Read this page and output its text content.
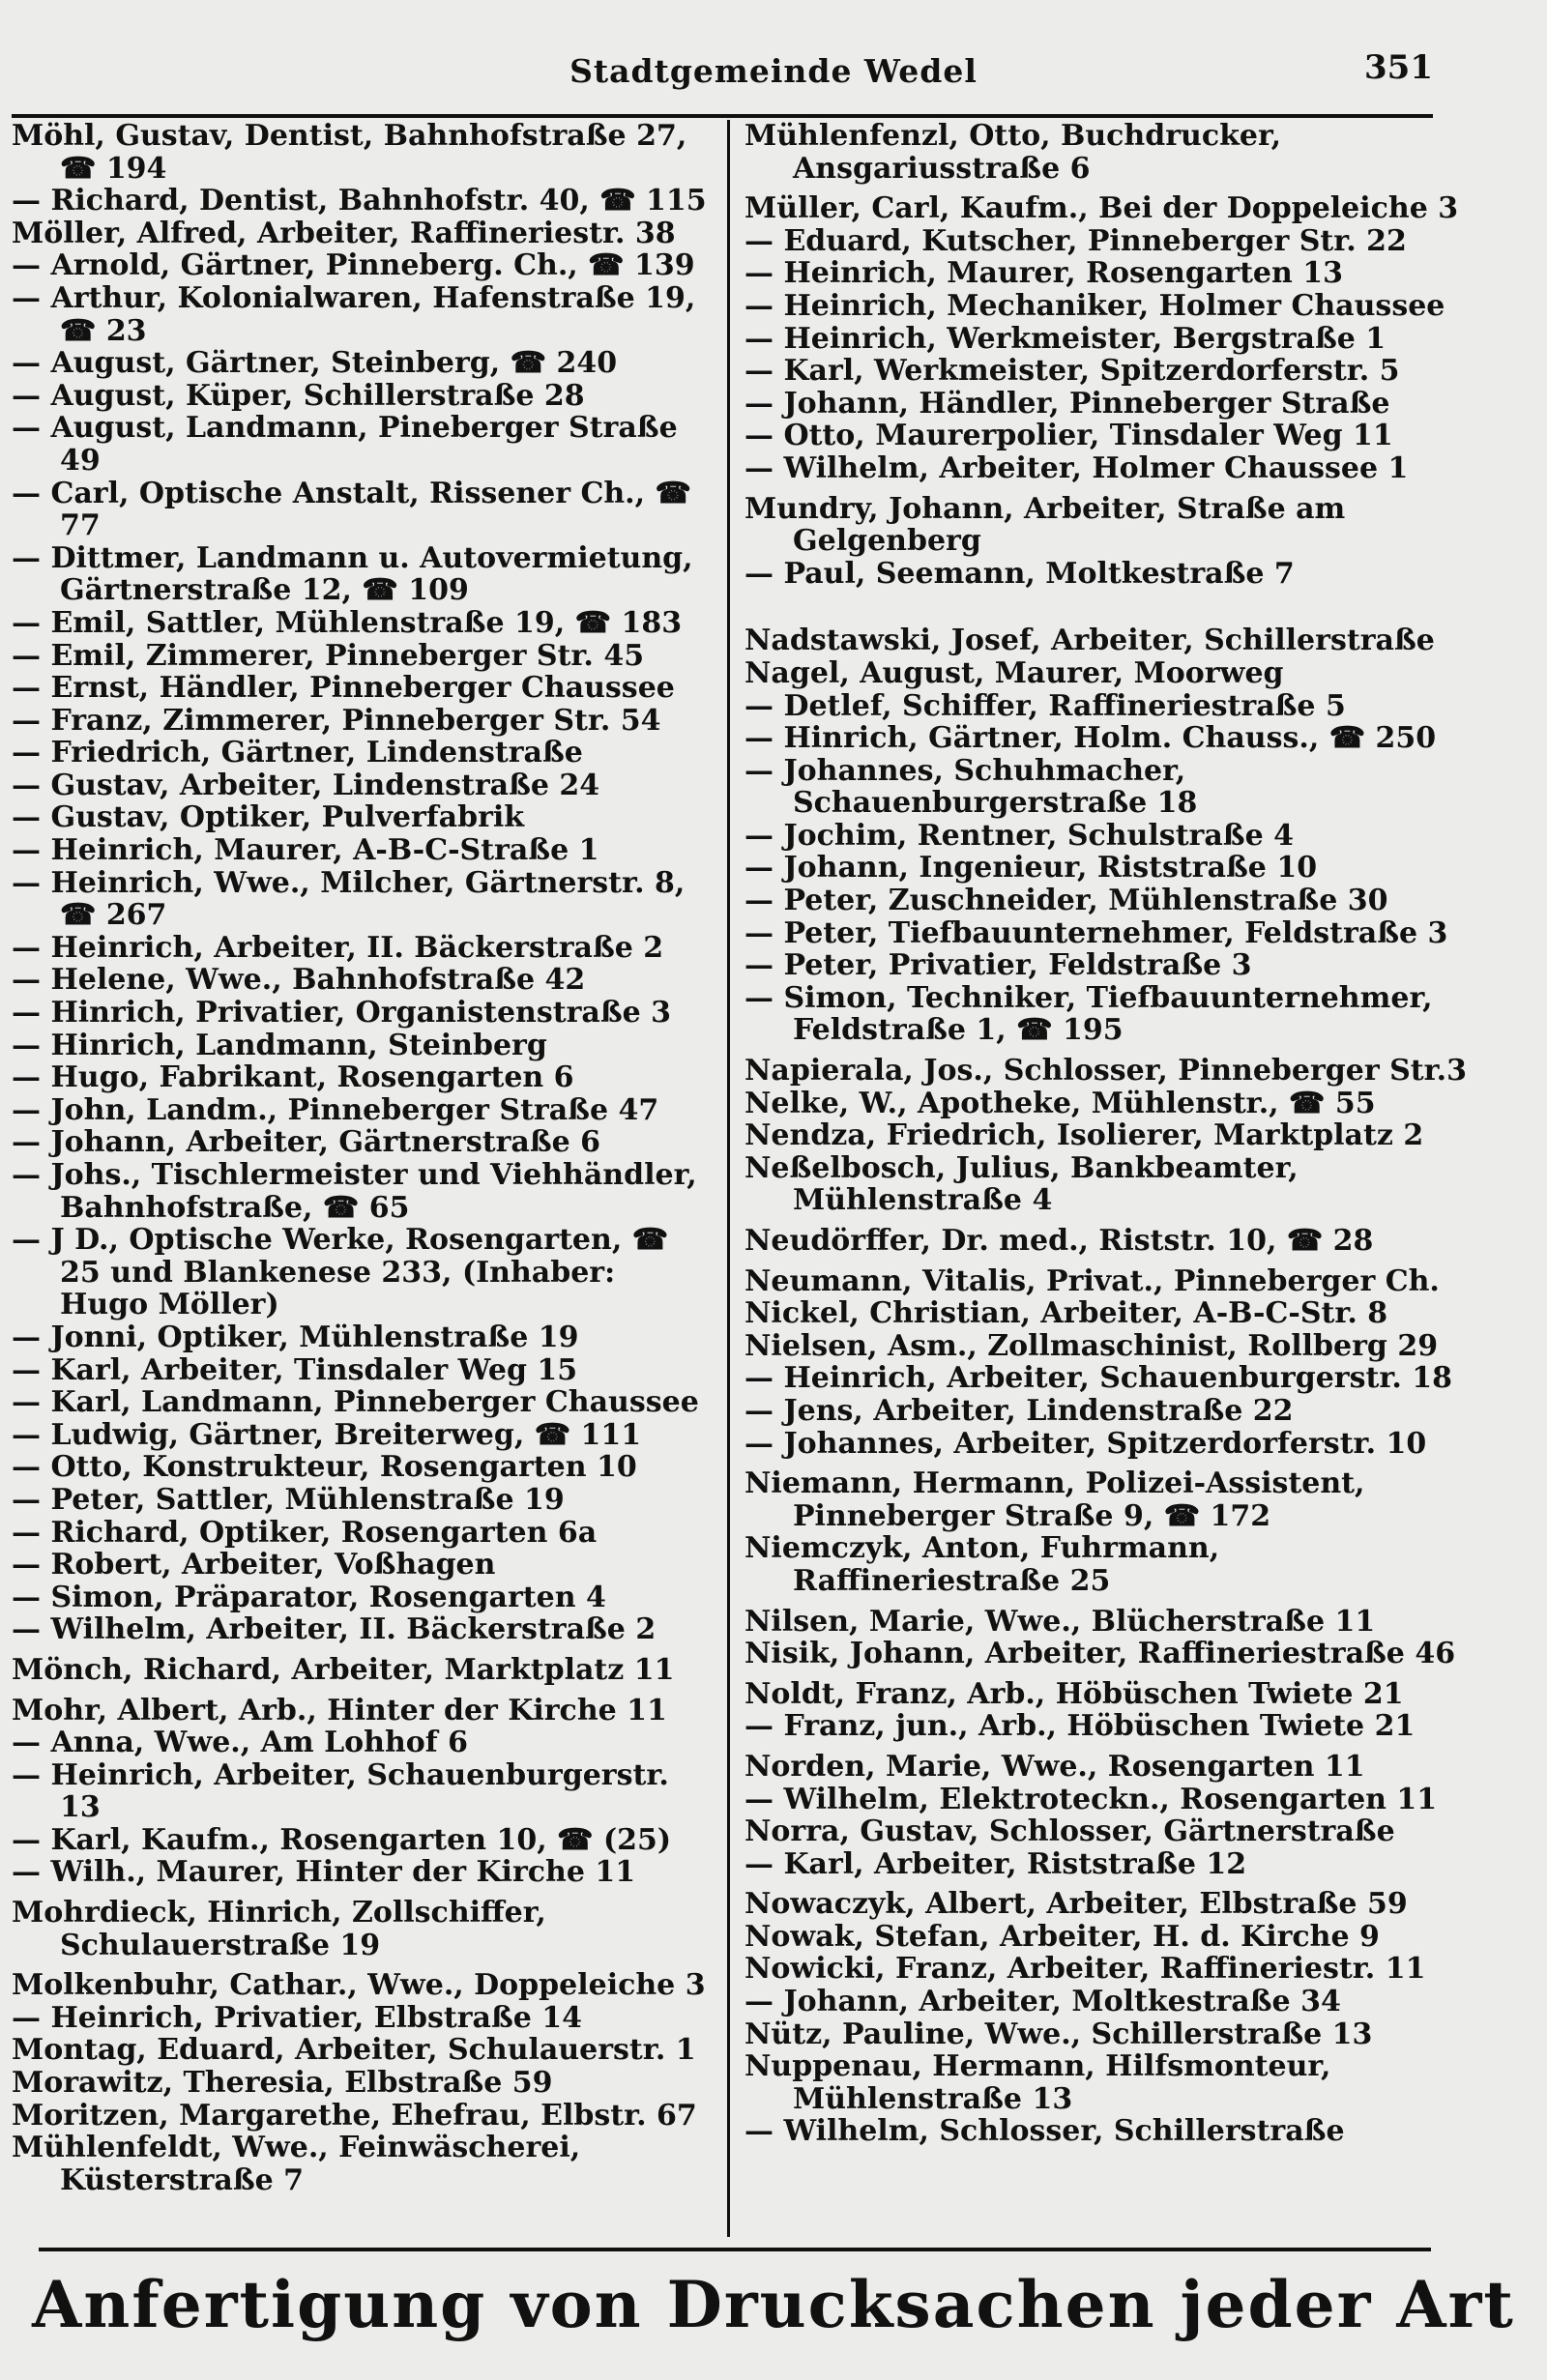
Stadtgemeinde Wedel	351

Möhl, Gustav, Dentist, Bahnhofstraße 27, ☎ 194

— Richard, Dentist, Bahnhofstr. 40, ☎ 115

Möller, Alfred, Arbeiter, Raffineriestr. 38

— Arnold, Gärtner, Pinneberg. Ch., ☎ 139

— Arthur, Kolonialwaren, Hafenstraße 19, ☎ 23

— August, Gärtner, Steinberg, ☎ 240

— August, Küper, Schillerstraße 28

— August, Landmann, Pineberger Straße 49

— Carl, Optische Anstalt, Rissener Ch., ☎ 77

— Dittmer, Landmann u. Autovermietung, Gärtnerstraße 12, ☎ 109

— Emil, Sattler, Mühlenstraße 19, ☎ 183

— Emil, Zimmerer, Pinneberger Str. 45

— Ernst, Händler, Pinneberger Chaussee

— Franz, Zimmerer, Pinneberger Str. 54

— Friedrich, Gärtner, Lindenstraße

— Gustav, Arbeiter, Lindenstraße 24

— Gustav, Optiker, Pulverfabrik

— Heinrich, Maurer, A-B-C-Straße 1

— Heinrich, Wwe., Milcher, Gärtnerstr. 8, ☎ 267

— Heinrich, Arbeiter, II. Bäckerstraße 2

— Helene, Wwe., Bahnhofstraße 42

— Hinrich, Privatier, Organistenstraße 3

— Hinrich, Landmann, Steinberg

— Hugo, Fabrikant, Rosengarten 6

— John, Landm., Pinneberger Straße 47

— Johann, Arbeiter, Gärtnerstraße 6

— Johs., Tischlermeister und Viehhändler, Bahnhofstraße, ☎ 65

— J D., Optische Werke, Rosengarten, ☎ 25 und Blankenese 233, (Inhaber: Hugo Möller)

— Jonni, Optiker, Mühlenstraße 19

— Karl, Arbeiter, Tinsdaler Weg 15

— Karl, Landmann, Pinneberger Chaussee

— Ludwig, Gärtner, Breiterweg, ☎ 111

— Otto, Konstrukteur, Rosengarten 10

— Peter, Sattler, Mühlenstraße 19

— Richard, Optiker, Rosengarten 6a

— Robert, Arbeiter, Voßhagen

— Simon, Präparator, Rosengarten 4

— Wilhelm, Arbeiter, II. Bäckerstraße 2

Mönch, Richard, Arbeiter, Marktplatz 11

Mohr, Albert, Arb., Hinter der Kirche 11

— Anna, Wwe., Am Lohhof 6

— Heinrich, Arbeiter, Schauenburgerstr. 13

— Karl, Kaufm., Rosengarten 10, ☎ (25)

— Wilh., Maurer, Hinter der Kirche 11

Mohrdieck, Hinrich, Zollschiffer, Schulauerstraße 19

Molkenbuhr, Cathar., Wwe., Doppeleiche 3

— Heinrich, Privatier, Elbstraße 14

Montag, Eduard, Arbeiter, Schulauerstr. 1

Morawitz, Theresia, Elbstraße 59

Moritzen, Margarethe, Ehefrau, Elbstr. 67

Mühlenfeldt, Wwe., Feinwäscherei, Küsterstraße 7

Mühlenfenzl, Otto, Buchdrucker, Ansgariusstraße 6

Müller, Carl, Kaufm., Bei der Doppeleiche 3

— Eduard, Kutscher, Pinneberger Str. 22

— Heinrich, Maurer, Rosengarten 13

— Heinrich, Mechaniker, Holmer Chaussee

— Heinrich, Werkmeister, Bergstraße 1

— Karl, Werkmeister, Spitzerdorferstr. 5

— Johann, Händler, Pinneberger Straße

— Otto, Maurerpolier, Tinsdaler Weg 11

— Wilhelm, Arbeiter, Holmer Chaussee 1

Mundry, Johann, Arbeiter, Straße am Gelgenberg

— Paul, Seemann, Moltkestraße 7

Nadstawski, Josef, Arbeiter, Schillerstraße

Nagel, August, Maurer, Moorweg

— Detlef, Schiffer, Raffineriestraße 5

— Hinrich, Gärtner, Holm. Chauss., ☎ 250

— Johannes, Schuhmacher, Schauenburgerstraße 18

— Jochim, Rentner, Schulstraße 4

— Johann, Ingenieur, Riststraße 10

— Peter, Zuschneider, Mühlenstraße 30

— Peter, Tiefbauunternehmer, Feldstraße 3

— Peter, Privatier, Feldstraße 3

— Simon, Techniker, Tiefbauunternehmer, Feldstraße 1, ☎ 195

Napierala, Jos., Schlosser, Pinneberger Str.3

Nelke, W., Apotheke, Mühlenstr., ☎ 55

Nendza, Friedrich, Isolierer, Marktplatz 2

Neßelbosch, Julius, Bankbeamter, Mühlenstraße 4

Neudörffer, Dr. med., Riststr. 10, ☎ 28

Neumann, Vitalis, Privat., Pinneberger Ch.

Nickel, Christian, Arbeiter, A-B-C-Str. 8

Nielsen, Asm., Zollmaschinist, Rollberg 29

— Heinrich, Arbeiter, Schauenburgerstr. 18

— Jens, Arbeiter, Lindenstraße 22

— Johannes, Arbeiter, Spitzerdorferstr. 10

Niemann, Hermann, Polizei-Assistent, Pinneberger Straße 9, ☎ 172

Niemczyk, Anton, Fuhrmann, Raffineriestraße 25

Nilsen, Marie, Wwe., Blücherstraße 11

Nisik, Johann, Arbeiter, Raffineriestraße 46

Noldt, Franz, Arb., Höbüschen Twiete 21

— Franz, jun., Arb., Höbüschen Twiete 21

Norden, Marie, Wwe., Rosengarten 11

— Wilhelm, Elektroteckn., Rosengarten 11

Norra, Gustav, Schlosser, Gärtnerstraße

— Karl, Arbeiter, Riststraße 12

Nowaczyk, Albert, Arbeiter, Elbstraße 59

Nowak, Stefan, Arbeiter, H. d. Kirche 9

Nowicki, Franz, Arbeiter, Raffineriestr. 11

— Johann, Arbeiter, Moltkestraße 34

Nütz, Pauline, Wwe., Schillerstraße 13

Nuppenau, Hermann, Hilfsmonteur, Mühlenstraße 13

— Wilhelm, Schlosser, Schillerstraße

Anfertigung von Drucksachen jeder Art
